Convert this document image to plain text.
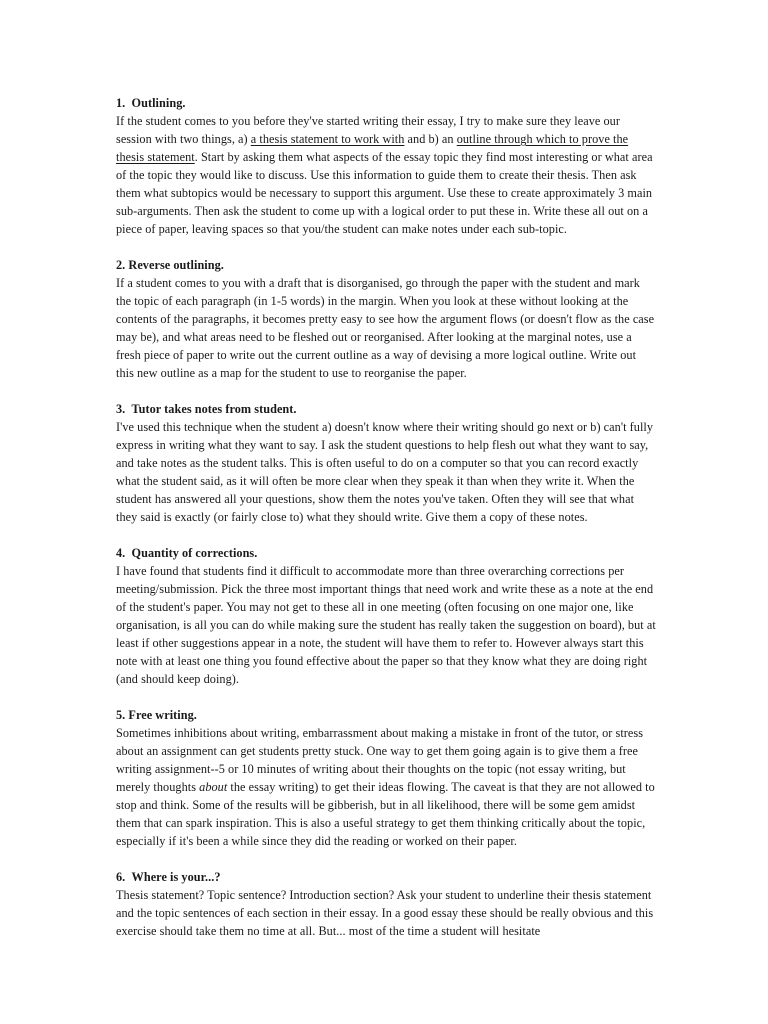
1. Outlining.

If the student comes to you before they've started writing their essay, I try to make sure they leave our session with two things, a) a thesis statement to work with and b) an outline through which to prove the thesis statement. Start by asking them what aspects of the essay topic they find most interesting or what area of the topic they would like to discuss. Use this information to guide them to create their thesis. Then ask them what subtopics would be necessary to support this argument. Use these to create approximately 3 main sub-arguments. Then ask the student to come up with a logical order to put these in. Write these all out on a piece of paper, leaving spaces so that you/the student can make notes under each sub-topic.

2. Reverse outlining.

If a student comes to you with a draft that is disorganised, go through the paper with the student and mark the topic of each paragraph (in 1-5 words) in the margin. When you look at these without looking at the contents of the paragraphs, it becomes pretty easy to see how the argument flows (or doesn't flow as the case may be), and what areas need to be fleshed out or reorganised. After looking at the marginal notes, use a fresh piece of paper to write out the current outline as a way of devising a more logical outline. Write out this new outline as a map for the student to use to reorganise the paper.

3. Tutor takes notes from student.

I've used this technique when the student a) doesn't know where their writing should go next or b) can't fully express in writing what they want to say. I ask the student questions to help flesh out what they want to say, and take notes as the student talks. This is often useful to do on a computer so that you can record exactly what the student said, as it will often be more clear when they speak it than when they write it. When the student has answered all your questions, show them the notes you've taken. Often they will see that what they said is exactly (or fairly close to) what they should write. Give them a copy of these notes.

4. Quantity of corrections.

I have found that students find it difficult to accommodate more than three overarching corrections per meeting/submission. Pick the three most important things that need work and write these as a note at the end of the student's paper. You may not get to these all in one meeting (often focusing on one major one, like organisation, is all you can do while making sure the student has really taken the suggestion on board), but at least if other suggestions appear in a note, the student will have them to refer to. However always start this note with at least one thing you found effective about the paper so that they know what they are doing right (and should keep doing).

5. Free writing.

Sometimes inhibitions about writing, embarrassment about making a mistake in front of the tutor, or stress about an assignment can get students pretty stuck. One way to get them going again is to give them a free writing assignment--5 or 10 minutes of writing about their thoughts on the topic (not essay writing, but merely thoughts about the essay writing) to get their ideas flowing. The caveat is that they are not allowed to stop and think. Some of the results will be gibberish, but in all likelihood, there will be some gem amidst them that can spark inspiration. This is also a useful strategy to get them thinking critically about the topic, especially if it's been a while since they did the reading or worked on their paper.

6. Where is your...?

Thesis statement? Topic sentence? Introduction section? Ask your student to underline their thesis statement and the topic sentences of each section in their essay. In a good essay these should be really obvious and this exercise should take them no time at all. But... most of the time a student will hesitate
